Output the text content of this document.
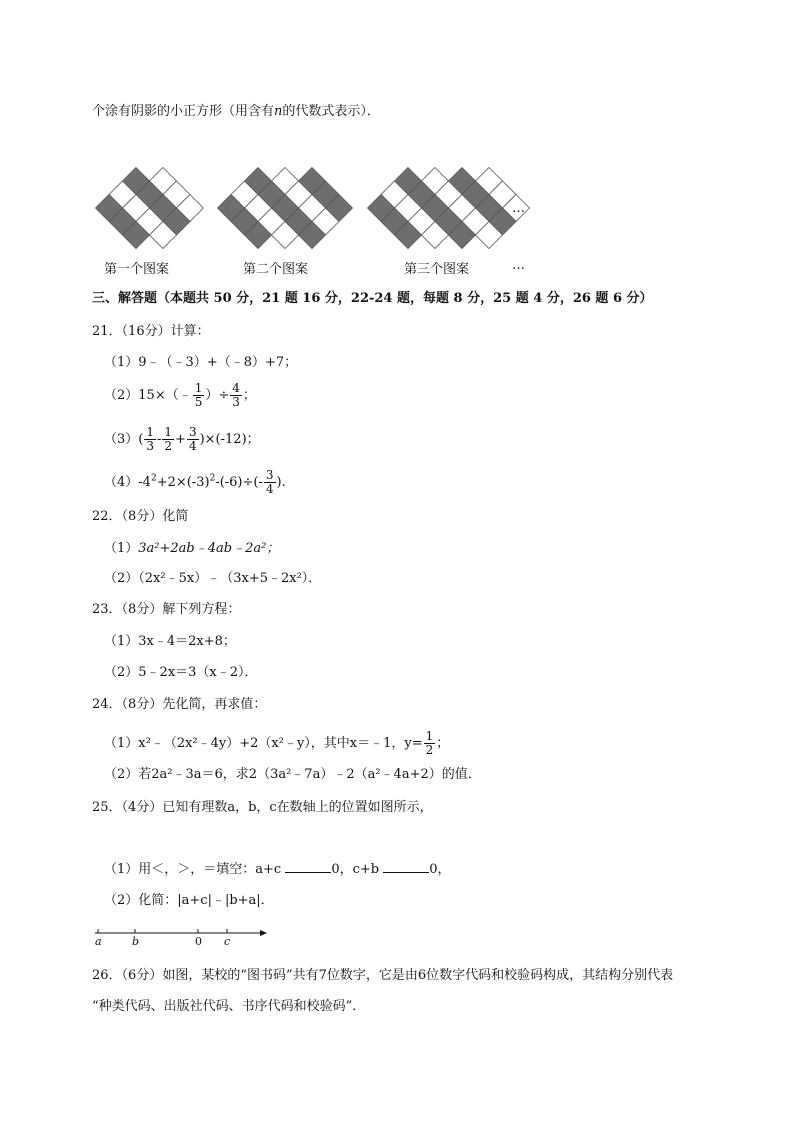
个涂有阴影的小正方形（用含有n的代数式表示）．
第一个图案	第二个图案	第三个图案
…
…
三、解答题（本题共 50 分，21 题 16 分，22-24 题，每题 8 分，25 题 4 分，26 题 6 分）
21．（16分）计算：
（1）9﹣（﹣3）+（﹣8）+7；
（2）15×（﹣ $\frac{1}{5}$ ）÷ $\frac{4}{3}$ ；
$(3)( \frac{1}{3} - \frac{1}{2} + \frac{3}{4} )\times(-12)$；
$(4)-4^2+2\times(-3)^2-(-6)\div(- \frac{3}{4}$ ).
22．（8分）化简
（1）3a²+2ab﹣4ab﹣2a²；
（2）（2x²﹣5x）﹣（3x+5﹣2x²）．
23．（8分）解下列方程：
（1）3x﹣4＝2x+8；
（2）5﹣2x＝3（x﹣2）．
24．（8分）先化简，再求值：
（1）x²﹣（2x²﹣4y）+2（x²﹣y），其中x＝﹣1，$y= \frac{1}{2}$ ；
（2）若2a²﹣3a＝6，求2（3a²﹣7a）﹣2（a²﹣4a+2）的值．
25．（4分）已知有理数a，b，c在数轴上的位置如图所示，
（1）用＜，＞，＝填空：a+c	0，c+b	0，
（2）化简：|a+c|﹣|b+a|．
a	b	0 c
26．（6分）如图，某校的“图书码”共有7位数字，它是由6位数字代码和校验码构成，其结构分别代表
“种类代码、出版社代码、书序代码和校验码”．
